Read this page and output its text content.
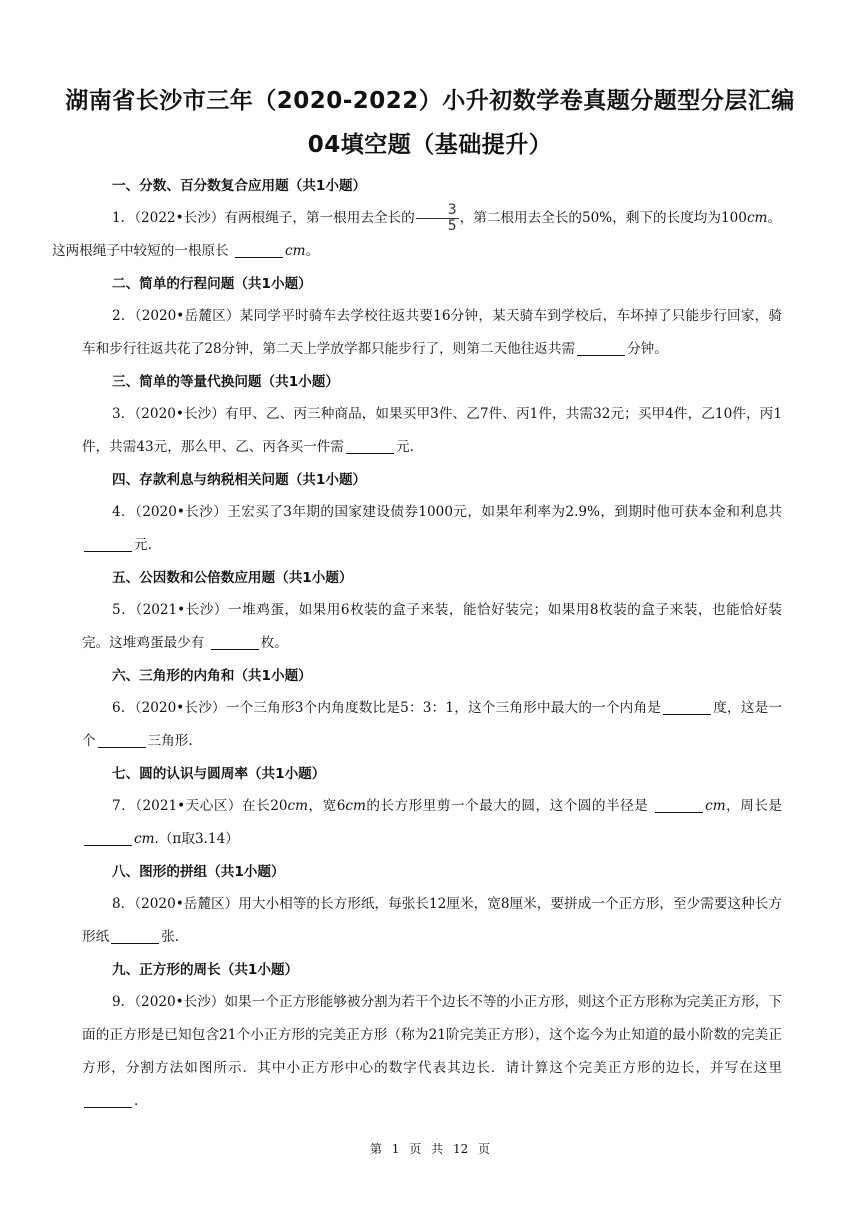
湖南省长沙市三年（2020-2022）小升初数学卷真题分题型分层汇编
04填空题（基础提升）
一、分数、百分数复合应用题（共1小题）

1．（2022•长沙）有两根绳子，第一根用去全长的 $\frac{3}{5}$ ，第二根用去全长的50%，剩下的长度均为100cm。
这两根绳子中较短的一根原长	cm。

二、简单的行程问题（共1小题）

2．（2020•岳麓区）某同学平时骑车去学校往返共要16分钟，某天骑车到学校后，车坏掉了只能步行回家，骑车和步行往返共花了28分钟，第二天上学放学都只能步行了，则第二天他往返共需	分钟。

三、简单的等量代换问题（共1小题）

3．（2020•长沙）有甲、乙、丙三种商品，如果买甲3件、乙7件、丙1件，共需32元；买甲4件，乙10件，丙1件，共需43元，那么甲、乙、丙各买一件需	元.

四、存款利息与纳税相关问题（共1小题）

4．（2020•长沙）王宏买了3年期的国家建设债券1000元，如果年利率为2.9%，到期时他可获本金和利息共元.

五、公因数和公倍数应用题（共1小题）

5．（2021•长沙）一堆鸡蛋，如果用6枚装的盒子来装，能恰好装完；如果用8枚装的盒子来装，也能恰好装完。这堆鸡蛋最少有	枚。

六、三角形的内角和（共1小题）

6．（2020•长沙）一个三角形3个内角度数比是5：3：1，这个三角形中最大的一个内角是	度，这是一个	三角形.

七、圆的认识与圆周率（共1小题）

7．（2021•天心区）在长20cm，宽6cm的长方形里剪一个最大的圆，这个圆的半径是	cm，周长是 cm.（π取3.14）

八、图形的拼组（共1小题）

8．（2020•岳麓区）用大小相等的长方形纸，每张长12厘米，宽8厘米，要拼成一个正方形，至少需要这种长方形纸	张.

九、正方形的周长（共1小题）

9．（2020•长沙）如果一个正方形能够被分割为若干个边长不等的小正方形，则这个正方形称为完美正方形，下面的正方形是已知包含21个小正方形的完美正方形（称为21阶完美正方形），这个迄今为止知道的最小阶数的完美正方形，分割方法如图所示．其中小正方形中心的数字代表其边长．请计算这个完美正方形的边长，并写在这里.

第 1 页 共 12 页
